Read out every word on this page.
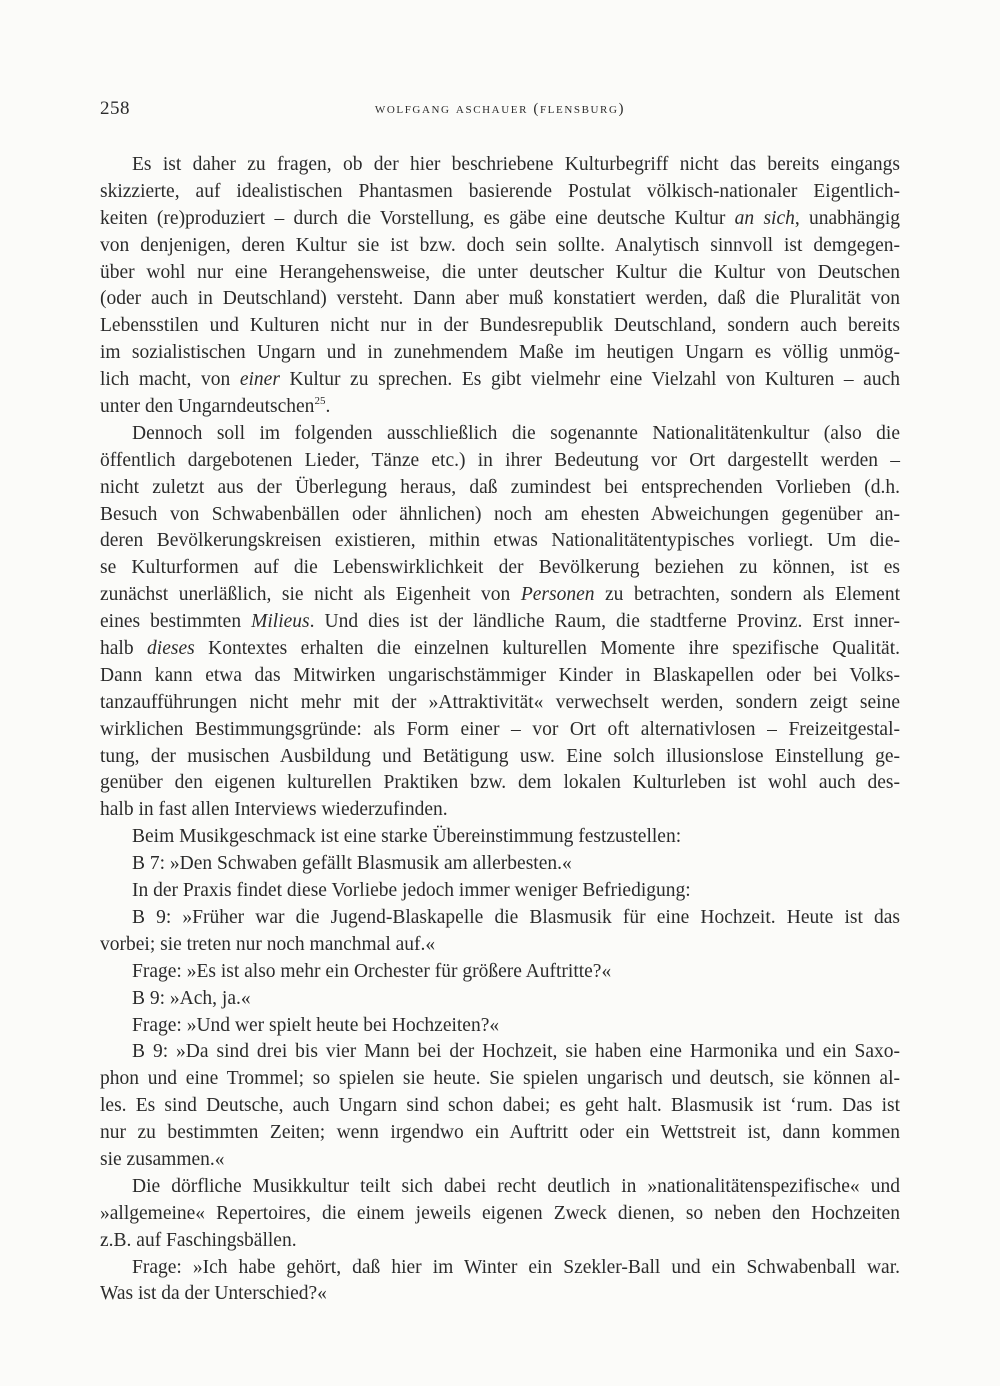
258	wolfgang aschauer (flensburg)
Es ist daher zu fragen, ob der hier beschriebene Kulturbegriff nicht das bereits eingangs
skizzierte, auf idealistischen Phantasmen basierende Postulat völkisch-nationaler Eigentlich-
keiten (re)produziert – durch die Vorstellung, es gäbe eine deutsche Kultur an sich, unabhängig
von denjenigen, deren Kultur sie ist bzw. doch sein sollte. Analytisch sinnvoll ist demgegen-
über wohl nur eine Herangehensweise, die unter deutscher Kultur die Kultur von Deutschen
(oder auch in Deutschland) versteht. Dann aber muß konstatiert werden, daß die Pluralität von
Lebensstilen und Kulturen nicht nur in der Bundesrepublik Deutschland, sondern auch bereits
im sozialistischen Ungarn und in zunehmendem Maße im heutigen Ungarn es völlig unmög-
lich macht, von einer Kultur zu sprechen. Es gibt vielmehr eine Vielzahl von Kulturen – auch
unter den Ungarndeutschen$^{25}$.
Dennoch soll im folgenden ausschließlich die sogenannte Nationalitätenkultur (also die
öffentlich dargebotenen Lieder, Tänze etc.) in ihrer Bedeutung vor Ort dargestellt werden –
nicht zuletzt aus der Überlegung heraus, daß zumindest bei entsprechenden Vorlieben (d.h.
Besuch von Schwabenbällen oder ähnlichen) noch am ehesten Abweichungen gegenüber an-
deren Bevölkerungskreisen existieren, mithin etwas Nationalitätentypisches vorliegt. Um die-
se Kulturformen auf die Lebenswirklichkeit der Bevölkerung beziehen zu können, ist es
zunächst unerläßlich, sie nicht als Eigenheit von Personen zu betrachten, sondern als Element
eines bestimmten Milieus. Und dies ist der ländliche Raum, die stadtferne Provinz. Erst inner-
halb dieses Kontextes erhalten die einzelnen kulturellen Momente ihre spezifische Qualität.
Dann kann etwa das Mitwirken ungarischstämmiger Kinder in Blaskapellen oder bei Volks-
tanzaufführungen nicht mehr mit der »Attraktivität« verwechselt werden, sondern zeigt seine
wirklichen Bestimmungsgründe: als Form einer – vor Ort oft alternativlosen – Freizeitgestal-
tung, der musischen Ausbildung und Betätigung usw. Eine solch illusionslose Einstellung ge-
genüber den eigenen kulturellen Praktiken bzw. dem lokalen Kulturleben ist wohl auch des-
halb in fast allen Interviews wiederzufinden.
Beim Musikgeschmack ist eine starke Übereinstimmung festzustellen:
B 7: »Den Schwaben gefällt Blasmusik am allerbesten.«
In der Praxis findet diese Vorliebe jedoch immer weniger Befriedigung:
B 9: »Früher war die Jugend-Blaskapelle die Blasmusik für eine Hochzeit. Heute ist das
vorbei; sie treten nur noch manchmal auf.«
Frage: »Es ist also mehr ein Orchester für größere Auftritte?«
B 9: »Ach, ja.«
Frage: »Und wer spielt heute bei Hochzeiten?«
B 9: »Da sind drei bis vier Mann bei der Hochzeit, sie haben eine Harmonika und ein Saxo-
phon und eine Trommel; so spielen sie heute. Sie spielen ungarisch und deutsch, sie können al-
les. Es sind Deutsche, auch Ungarn sind schon dabei; es geht halt. Blasmusik ist ‘rum. Das ist
nur zu bestimmten Zeiten; wenn irgendwo ein Auftritt oder ein Wettstreit ist, dann kommen
sie zusammen.«
Die dörfliche Musikkultur teilt sich dabei recht deutlich in »nationalitätenspezifische« und
»allgemeine« Repertoires, die einem jeweils eigenen Zweck dienen, so neben den Hochzeiten
z.B. auf Faschingsbällen.
Frage: »Ich habe gehört, daß hier im Winter ein Szekler-Ball und ein Schwabenball war.
Was ist da der Unterschied?«
